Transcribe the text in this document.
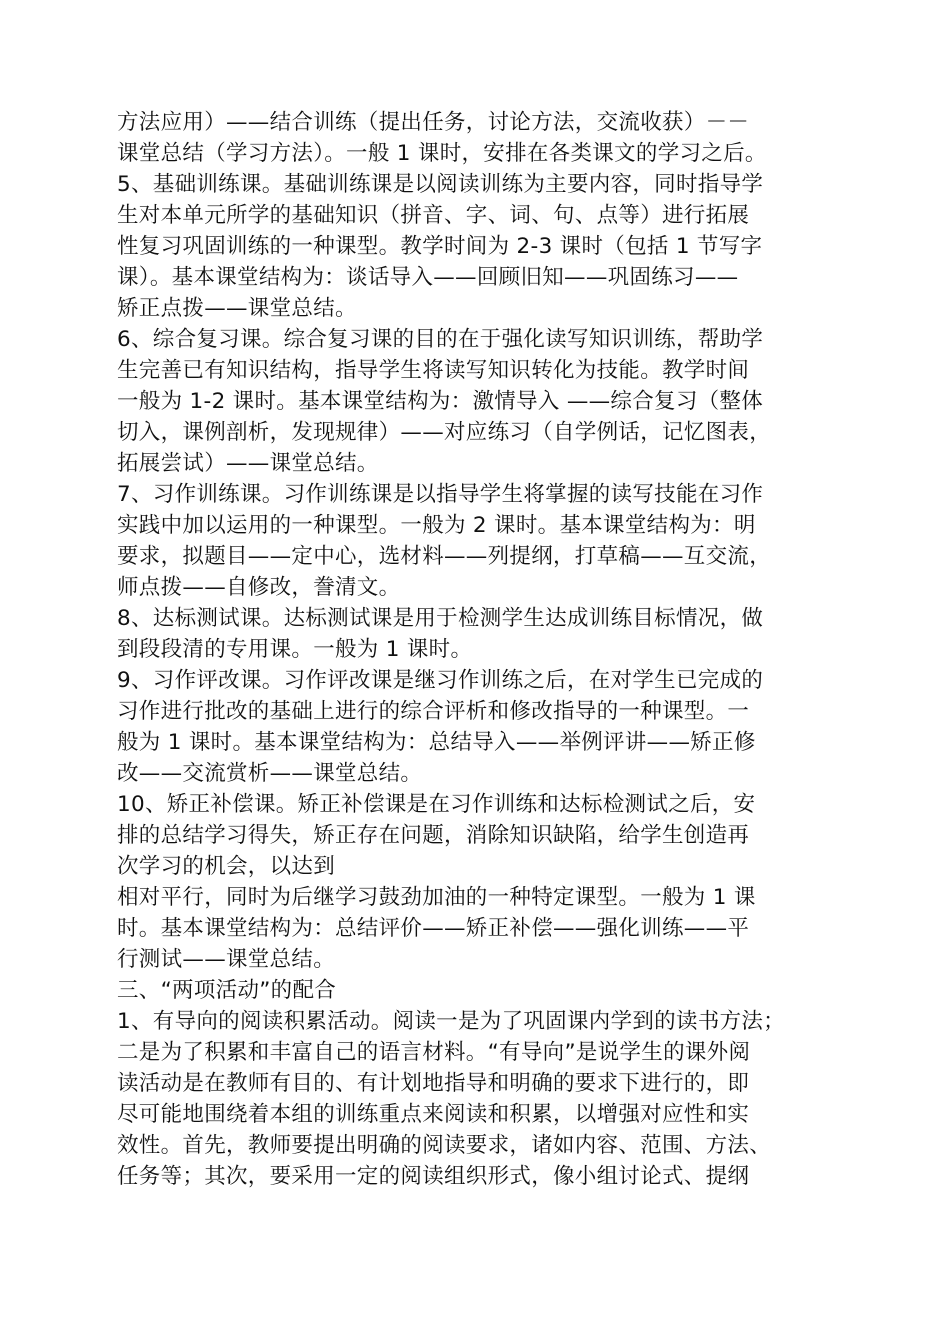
方法应用）——结合训练（提出任务，讨论方法，交流收获）－－
课堂总结（学习方法）。一般 1 课时，安排在各类课文的学习之后。
5、基础训练课。基础训练课是以阅读训练为主要内容，同时指导学
生对本单元所学的基础知识（拼音、字、词、句、点等）进行拓展
性复习巩固训练的一种课型。教学时间为 2-3 课时（包括 1 节写字
课）。基本课堂结构为：谈话导入——回顾旧知——巩固练习——
矫正点拨——课堂总结。
6、综合复习课。综合复习课的目的在于强化读写知识训练，帮助学
生完善已有知识结构，指导学生将读写知识转化为技能。教学时间
一般为 1-2 课时。基本课堂结构为：激情导入 ——综合复习（整体
切入，课例剖析，发现规律）——对应练习（自学例话，记忆图表，
拓展尝试）——课堂总结。
7、习作训练课。习作训练课是以指导学生将掌握的读写技能在习作
实践中加以运用的一种课型。一般为 2 课时。基本课堂结构为：明
要求，拟题目——定中心，选材料——列提纲，打草稿——互交流，
师点拨——自修改，誊清文。
8、达标测试课。达标测试课是用于检测学生达成训练目标情况，做
到段段清的专用课。一般为 1 课时。
9、习作评改课。习作评改课是继习作训练之后，在对学生已完成的
习作进行批改的基础上进行的综合评析和修改指导的一种课型。一
般为 1 课时。基本课堂结构为：总结导入——举例评讲——矫正修
改——交流赏析——课堂总结。
10、矫正补偿课。矫正补偿课是在习作训练和达标检测试之后，安
排的总结学习得失，矫正存在问题，消除知识缺陷，给学生创造再
次学习的机会，以达到
相对平行，同时为后继学习鼓劲加油的一种特定课型。一般为 1 课
时。基本课堂结构为：总结评价——矫正补偿——强化训练——平
行测试——课堂总结。
三、“两项活动”的配合
1、有导向的阅读积累活动。阅读一是为了巩固课内学到的读书方法；
二是为了积累和丰富自己的语言材料。“有导向”是说学生的课外阅
读活动是在教师有目的、有计划地指导和明确的要求下进行的，即
尽可能地围绕着本组的训练重点来阅读和积累，以增强对应性和实
效性。首先，教师要提出明确的阅读要求，诸如内容、范围、方法、
任务等；其次，要采用一定的阅读组织形式，像小组讨论式、提纲
